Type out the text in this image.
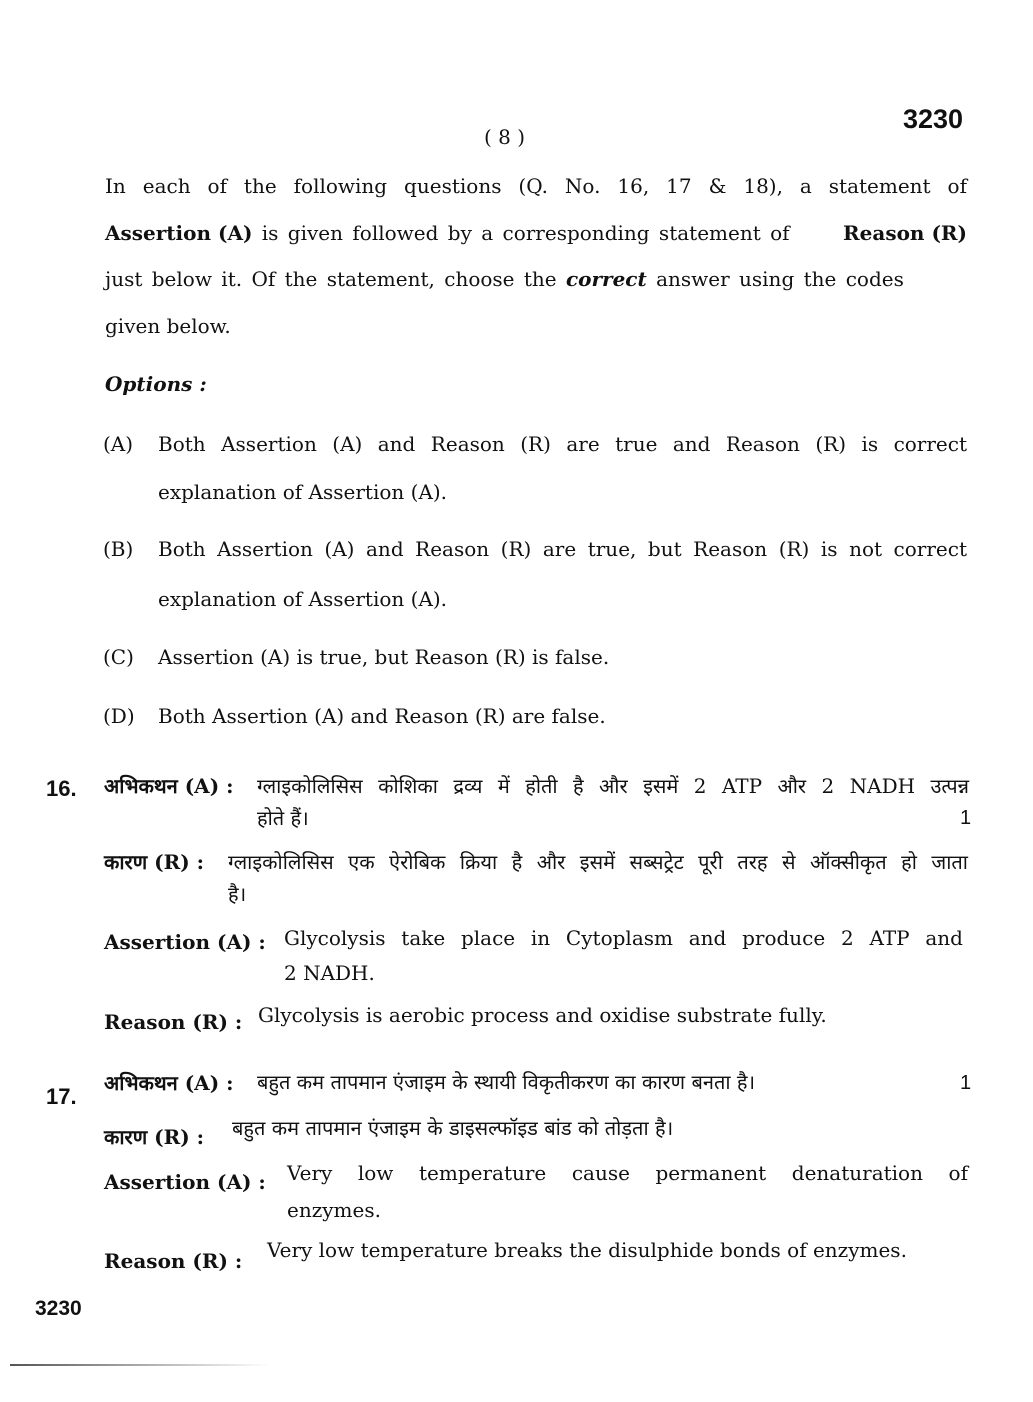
( 8 )
3230
In each of the following questions (Q. No. 16, 17 & 18), a statement of
Assertion (A) is given followed by a corresponding statement of	Reason (R)
just below it. Of the statement, choose the correct answer using the codes
given below.
Options :
(A) Both Assertion (A) and Reason (R) are true and Reason (R) is correct
explanation of Assertion (A).
(B) Both Assertion (A) and Reason (R) are true, but Reason (R) is not correct
explanation of Assertion (A).
(C) Assertion (A) is true, but Reason (R) is false.
(D) Both Assertion (A) and Reason (R) are false.
16. अभिकथन (A) : ग्लाइकोलिसिस कोशिका द्रव्य में होती है और इसमें 2 ATP और 2 NADH उत्पन्न
होते हैं।	1
कारण (R) : ग्लाइकोलिसिस एक ऐरोबिक क्रिया है और इसमें सब्सट्रेट पूरी तरह से ऑक्सीकृत हो जाता
है।
Assertion (A) : Glycolysis take place in Cytoplasm and produce 2 ATP and
2 NADH.
Reason (R) : Glycolysis is aerobic process and oxidise substrate fully.
17.
अभिकथन (A) : बहुत कम तापमान एंजाइम के स्थायी विकृतीकरण का कारण बनता है।	1
कारण (R) : बहुत कम तापमान एंजाइम के डाइसल्फॉइड बांड को तोड़ता है।
Assertion (A) : Very low temperature cause permanent denaturation of
enzymes.
Reason (R) : Very low temperature breaks the disulphide bonds of enzymes.
3230
